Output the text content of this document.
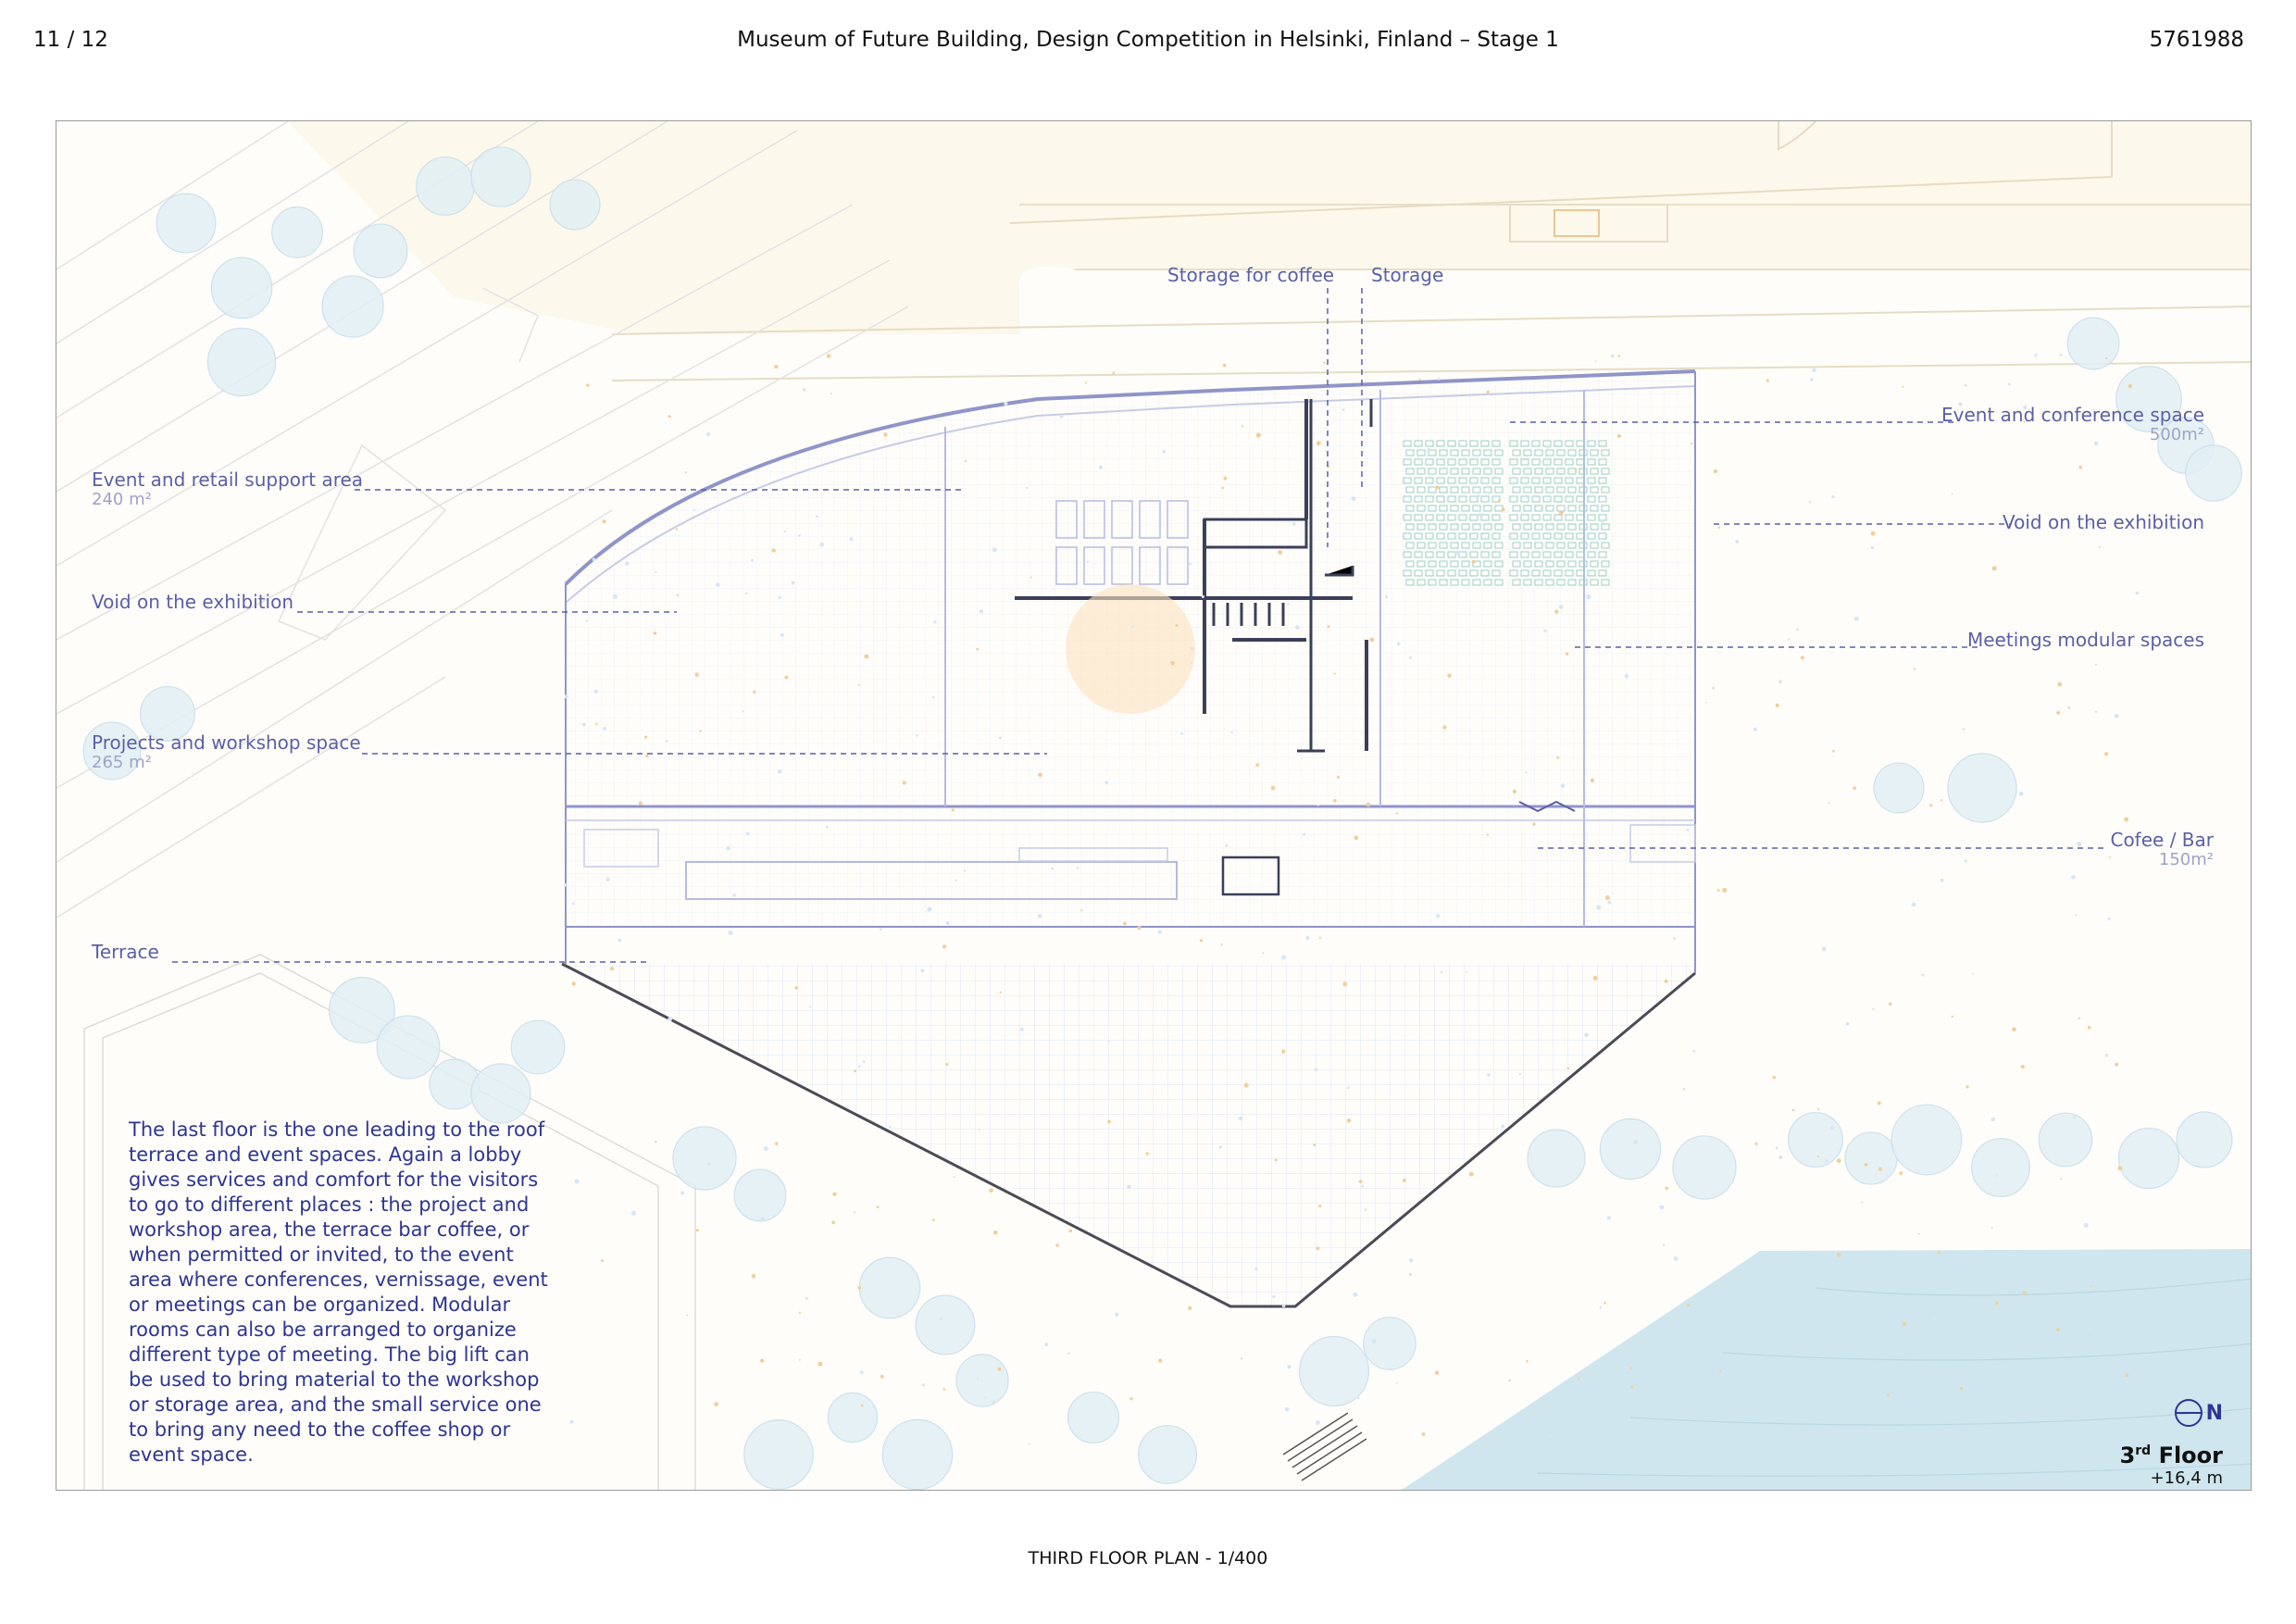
11 / 12	Museum of Future Building, Design Competition in Helsinki, Finland – Stage 1	5761988
Storage for coffee Storage
Event and retail support area
240 m²
Void on the exhibition
Projects and workshop space
265 m²
Terrace
Event and conference space
500m²
Void on the exhibition
Meetings modular spaces
Cofee / Bar
150m²

The last floor is the one leading to the roof terrace and event spaces. Again a lobby gives services and comfort for the visitors to go to different places : the project and workshop area, the terrace bar coffee, or when permitted or invited, to the event area where conferences, vernissage, event or meetings can be organized. Modular rooms can also be arranged to organize different type of meeting. The big lift can be used to bring material to the workshop or storage area, and the small service one to bring any need to the coffee shop or event space.

N
3rd Floor
+16,4 m
THIRD FLOOR PLAN - 1/400
